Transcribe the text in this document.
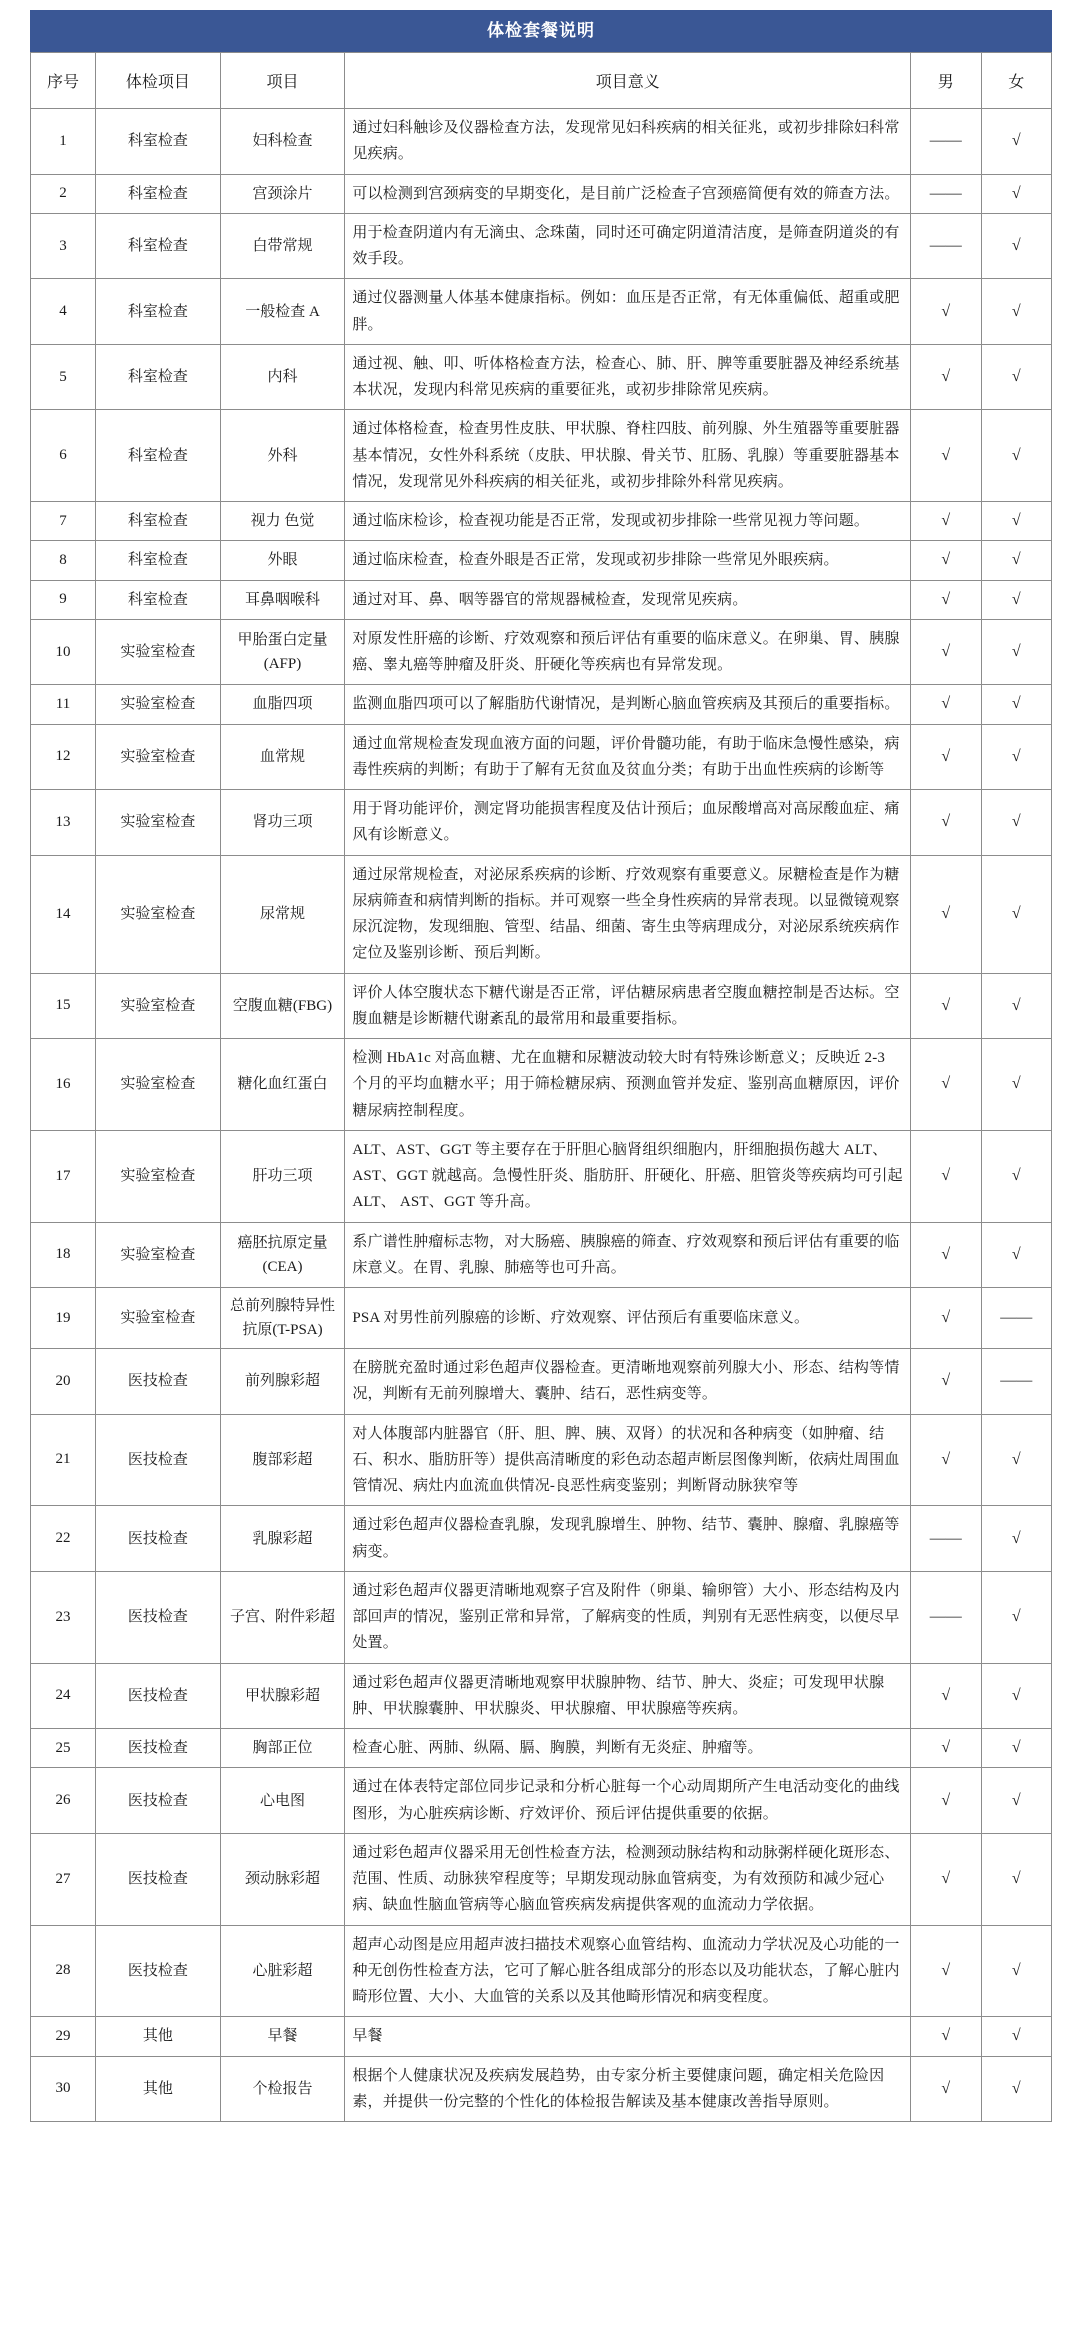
体检套餐说明
序号	体检项目	项目	项目意义	男	女
1	科室检查	妇科检查	通过妇科触诊及仪器检查方法，发现常见妇科疾病的相关征兆，或初步排除妇科常见疾病。	——	√
2	科室检查	宫颈涂片	可以检测到宫颈病变的早期变化，是目前广泛检查子宫颈癌简便有效的筛查方法。	——	√
3	科室检查	白带常规	用于检查阴道内有无滴虫、念珠菌，同时还可确定阴道清洁度，是筛查阴道炎的有效手段。	——	√
4	科室检查	一般检查 A	通过仪器测量人体基本健康指标。例如：血压是否正常，有无体重偏低、超重或肥胖。	√	√
5	科室检查	内科	通过视、触、叩、听体格检查方法，检查心、肺、肝、脾等重要脏器及神经系统基本状况，发现内科常见疾病的重要征兆，或初步排除常见疾病。	√	√
6	科室检查	外科	通过体格检查，检查男性皮肤、甲状腺、脊柱四肢、前列腺、外生殖器等重要脏器基本情况，女性外科系统（皮肤、甲状腺、骨关节、肛肠、乳腺）等重要脏器基本情况，发现常见外科疾病的相关征兆，或初步排除外科常见疾病。	√	√
7	科室检查	视力 色觉	通过临床检诊，检查视功能是否正常，发现或初步排除一些常见视力等问题。	√	√
8	科室检查	外眼	通过临床检查，检查外眼是否正常，发现或初步排除一些常见外眼疾病。	√	√
9	科室检查	耳鼻咽喉科	通过对耳、鼻、咽等器官的常规器械检查，发现常见疾病。	√	√
10	实验室检查	甲胎蛋白定量(AFP)	对原发性肝癌的诊断、疗效观察和预后评估有重要的临床意义。在卵巢、胃、胰腺癌、睾丸癌等肿瘤及肝炎、肝硬化等疾病也有异常发现。	√	√
11	实验室检查	血脂四项	监测血脂四项可以了解脂肪代谢情况，是判断心脑血管疾病及其预后的重要指标。	√	√
12	实验室检查	血常规	通过血常规检查发现血液方面的问题，评价骨髓功能，有助于临床急慢性感染，病毒性疾病的判断；有助于了解有无贫血及贫血分类；有助于出血性疾病的诊断等	√	√
13	实验室检查	肾功三项	用于肾功能评价，测定肾功能损害程度及估计预后；血尿酸增高对高尿酸血症、痛风有诊断意义。	√	√
14	实验室检查	尿常规	通过尿常规检查，对泌尿系疾病的诊断、疗效观察有重要意义。尿糖检查是作为糖尿病筛查和病情判断的指标。并可观察一些全身性疾病的异常表现。以显微镜观察尿沉淀物，发现细胞、管型、结晶、细菌、寄生虫等病理成分，对泌尿系统疾病作定位及鉴别诊断、预后判断。	√	√
15	实验室检查	空腹血糖(FBG)	评价人体空腹状态下糖代谢是否正常，评估糖尿病患者空腹血糖控制是否达标。空腹血糖是诊断糖代谢紊乱的最常用和最重要指标。	√	√
16	实验室检查	糖化血红蛋白	检测 HbA1c 对高血糖、尤在血糖和尿糖波动较大时有特殊诊断意义；反映近 2-3 个月的平均血糖水平；用于筛检糖尿病、预测血管并发症、鉴别高血糖原因，评价糖尿病控制程度。	√	√
17	实验室检查	肝功三项	ALT、AST、GGT 等主要存在于肝胆心脑肾组织细胞内，肝细胞损伤越大 ALT、AST、GGT 就越高。急慢性肝炎、脂肪肝、肝硬化、肝癌、胆管炎等疾病均可引起 ALT、 AST、GGT 等升高。	√	√
18	实验室检查	癌胚抗原定量(CEA)	系广谱性肿瘤标志物，对大肠癌、胰腺癌的筛查、疗效观察和预后评估有重要的临床意义。在胃、乳腺、肺癌等也可升高。	√	√
19	实验室检查	总前列腺特异性抗原(T-PSA)	PSA 对男性前列腺癌的诊断、疗效观察、评估预后有重要临床意义。	√	——
20	医技检查	前列腺彩超	在膀胱充盈时通过彩色超声仪器检查。更清晰地观察前列腺大小、形态、结构等情况，判断有无前列腺增大、囊肿、结石，恶性病变等。	√	——
21	医技检查	腹部彩超	对人体腹部内脏器官（肝、胆、脾、胰、双肾）的状况和各种病变（如肿瘤、结石、积水、脂肪肝等）提供高清晰度的彩色动态超声断层图像判断，依病灶周围血管情况、病灶内血流血供情况-良恶性病变鉴别；判断肾动脉狭窄等	√	√
22	医技检查	乳腺彩超	通过彩色超声仪器检查乳腺，发现乳腺增生、肿物、结节、囊肿、腺瘤、乳腺癌等病变。	——	√
23	医技检查	子宫、附件彩超	通过彩色超声仪器更清晰地观察子宫及附件（卵巢、输卵管）大小、形态结构及内部回声的情况，鉴别正常和异常，了解病变的性质，判别有无恶性病变，以便尽早处置。	——	√
24	医技检查	甲状腺彩超	通过彩色超声仪器更清晰地观察甲状腺肿物、结节、肿大、炎症；可发现甲状腺肿、甲状腺囊肿、甲状腺炎、甲状腺瘤、甲状腺癌等疾病。	√	√
25	医技检查	胸部正位	检查心脏、两肺、纵隔、膈、胸膜，判断有无炎症、肿瘤等。	√	√
26	医技检查	心电图	通过在体表特定部位同步记录和分析心脏每一个心动周期所产生电活动变化的曲线图形，为心脏疾病诊断、疗效评价、预后评估提供重要的依据。	√	√
27	医技检查	颈动脉彩超	通过彩色超声仪器采用无创性检查方法，检测颈动脉结构和动脉粥样硬化斑形态、范围、性质、动脉狭窄程度等；早期发现动脉血管病变，为有效预防和减少冠心病、缺血性脑血管病等心脑血管疾病发病提供客观的血流动力学依据。	√	√
28	医技检查	心脏彩超	超声心动图是应用超声波扫描技术观察心血管结构、血流动力学状况及心功能的一种无创伤性检查方法，它可了解心脏各组成部分的形态以及功能状态，了解心脏内畸形位置、大小、大血管的关系以及其他畸形情况和病变程度。	√	√
29	其他	早餐	早餐	√	√
30	其他	个检报告	根据个人健康状况及疾病发展趋势，由专家分析主要健康问题，确定相关危险因素，并提供一份完整的个性化的体检报告解读及基本健康改善指导原则。	√	√
